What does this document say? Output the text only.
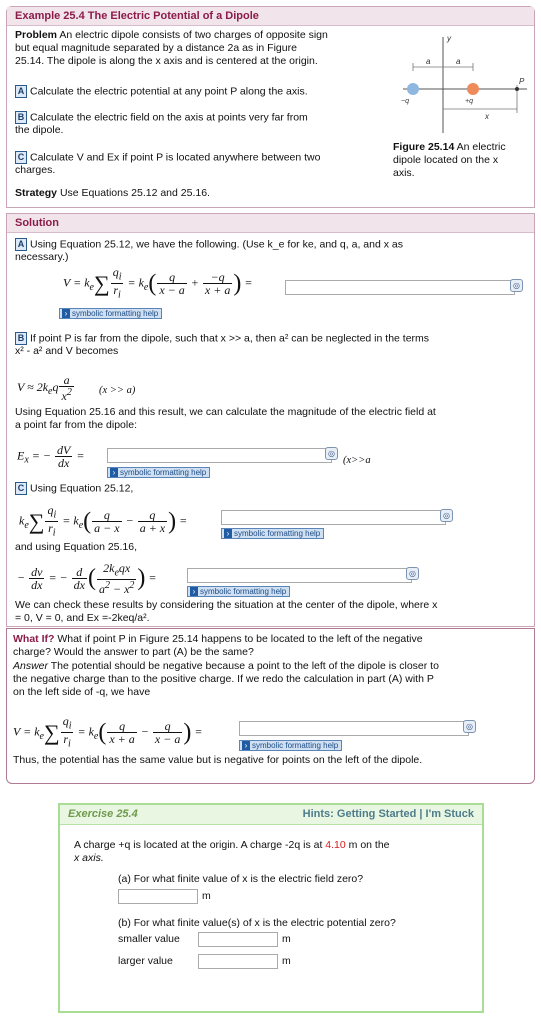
Example 25.4 The Electric Potential of a Dipole
Problem An electric dipole consists of two charges of opposite sign
but equal magnitude separated by a distance 2a as in Figure
25.14. The dipole is along the x axis and is centered at the origin.
A Calculate the electric potential at any point P along the axis.
B Calculate the electric field on the axis at points very far from
the dipole.
C Calculate V and Ex if point P is located anywhere between two
charges.
Strategy Use Equations 25.12 and 25.16.
y
a	a
x
P
−q	+q
Figure 25.14 An electric
dipole located on the x
axis.
Solution
A Using Equation 25.12, we have the following. (Use k_e for ke, and q, a, and x as
necessary.)
$V = k_e\sum \frac{q_i}{r_i} = k_e( \frac{q}{x - a} + \frac{-q}{x + a}$ ) =	◎
› symbolic formatting help
B If point P is far from the dipole, such that x >> a, then a² can be neglected in the terms
x² - a² and V becomes
$V \approx 2k_eq \frac{a}{x^2} (x >> a)$
Using Equation 25.16 and this result, we can calculate the magnitude of the electric field at
a point far from the dipole:
$E_x$ = − $\frac{dV}{dx}$ =	◎
(x>>a
› symbolic formatting help
C Using Equation 25.12,
$k_e\sum \frac{q_i}{r_i} = k_e( \frac{q}{a - x} - \frac{q}{a + x}$ ) =	◎
› symbolic formatting help
and using Equation 25.16,
− $\frac{dv}{dx}$ = − $\frac{d}{dx}$ ( $\frac{2k_eqx}{a^2 - x^2}$ ) =	◎
› symbolic formatting help
We can check these results by considering the situation at the center of the dipole, where x
= 0, V = 0, and Ex =-2keq/a².
What If? What if point P in Figure 25.14 happens to be located to the left of the negative
charge? Would the answer to part (A) be the same?
Answer The potential should be negative because a point to the left of the dipole is closer to
the negative charge than to the positive charge. If we redo the calculation in part (A) with P
on the left side of -q, we have
$V = k_e\sum \frac{q_i}{r_i} = k_e( \frac{q}{x + a} - \frac{q}{x - a}$ ) =	◎
› symbolic formatting help
Thus, the potential has the same value but is negative for points on the left of the dipole.
Exercise 25.4	Hints: Getting Started | I'm Stuck
A charge +q is located at the origin. A charge -2q is at 4.10 m on the
x axis.
(a) For what finite value of x is the electric field zero?
m
(b) For what finite value(s) of x is the electric potential zero?
smaller value	m
larger value	m
